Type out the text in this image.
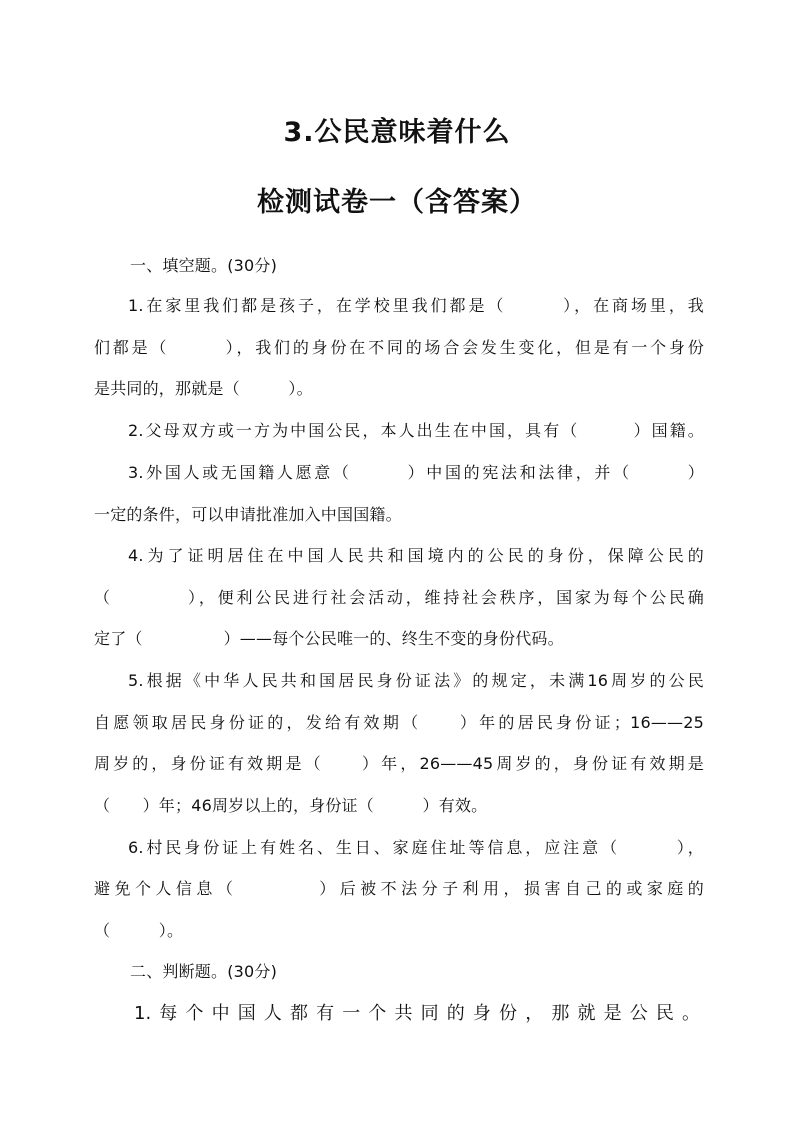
3.公民意味着什么
检测试卷一（含答案）
一、填空题。(30分)
1.在家里我们都是孩子，在学校里我们都是（　　　），在商场里，我
们都是（　　　），我们的身份在不同的场合会发生变化，但是有一个身份
是共同的，那就是（　　　）。
2.父母双方或一方为中国公民，本人出生在中国，具有（　　　）国籍。
3.外国人或无国籍人愿意（　　　）中国的宪法和法律，并（　　　）
一定的条件，可以申请批准加入中国国籍。
4.为了证明居住在中国人民共和国境内的公民的身份，保障公民的
（　　　　），便利公民进行社会活动，维持社会秩序，国家为每个公民确
定了（　　　　　）——每个公民唯一的、终生不变的身份代码。
5.根据《中华人民共和国居民身份证法》的规定，未满16周岁的公民
自愿领取居民身份证的，发给有效期（　　）年的居民身份证；16——25
周岁的，身份证有效期是（　　）年，26——45周岁的，身份证有效期是
（　　）年；46周岁以上的，身份证（　　　）有效。
6.村民身份证上有姓名、生日、家庭住址等信息，应注意（　　　），
避免个人信息（　　　　）后被不法分子利用，损害自己的或家庭的
（　　　）。
二、判断题。(30分)
1.每个中国人都有一个共同的身份，那就是公民。
